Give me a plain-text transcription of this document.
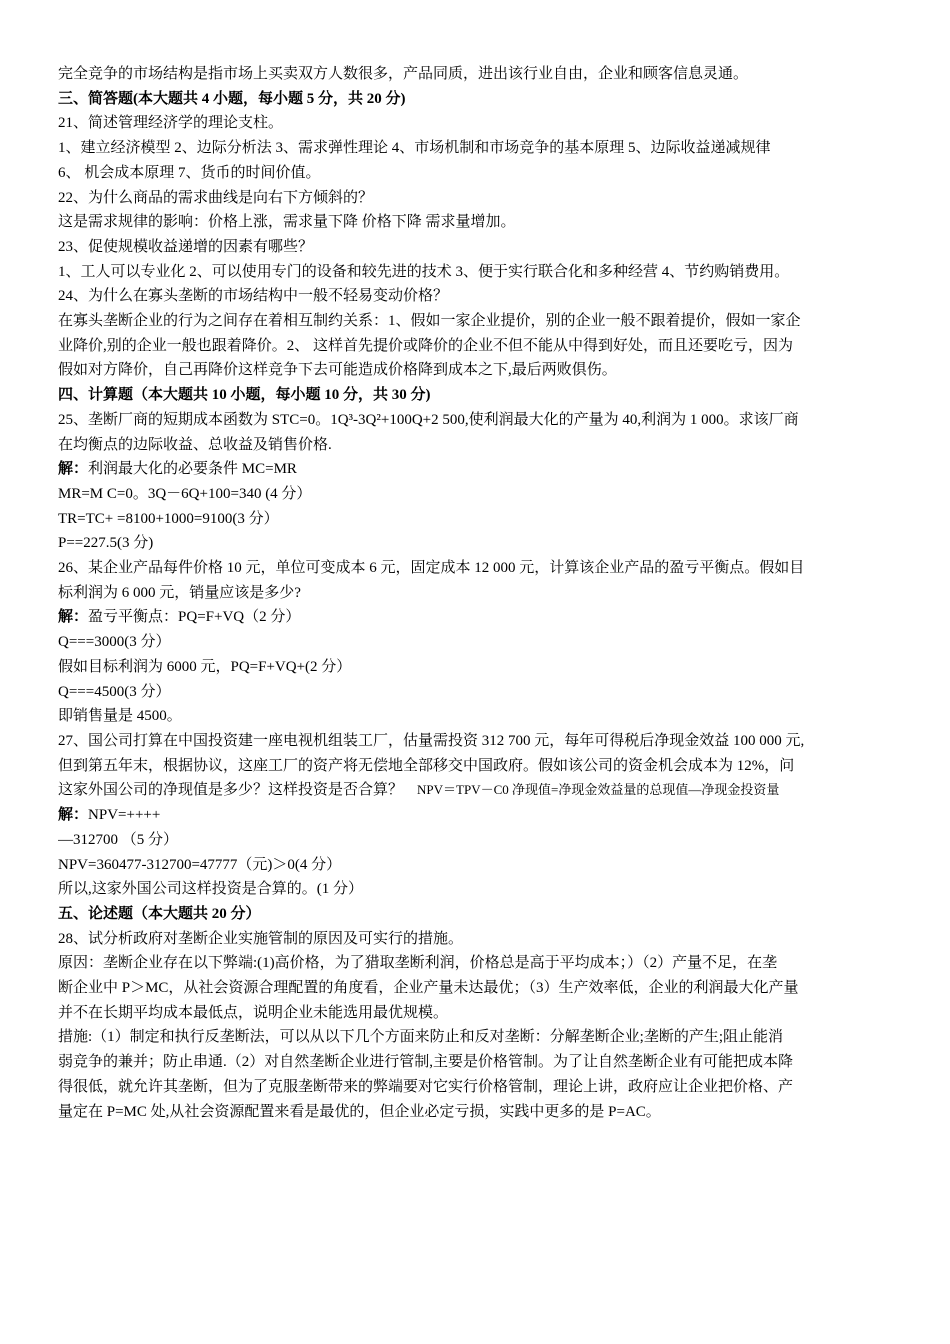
完全竞争的市场结构是指市场上买卖双方人数很多，产品同质，进出该行业自由，企业和顾客信息灵通。
三、简答题(本大题共 4 小题，每小题 5 分，共 20 分)
21、简述管理经济学的理论支柱。
1、建立经济模型 2、边际分析法 3、需求弹性理论 4、市场机制和市场竞争的基本原理 5、边际收益递减规律
6、 机会成本原理 7、货币的时间价值。
22、为什么商品的需求曲线是向右下方倾斜的？
这是需求规律的影响：价格上涨，需求量下降 价格下降 需求量增加。
23、促使规模收益递增的因素有哪些？
1、工人可以专业化 2、可以使用专门的设备和较先进的技术 3、便于实行联合化和多种经营 4、节约购销费用。
24、为什么在寡头垄断的市场结构中一般不轻易变动价格？
在寡头垄断企业的行为之间存在着相互制约关系：1、假如一家企业提价，别的企业一般不跟着提价，假如一家企
业降价,别的企业一般也跟着降价。2、 这样首先提价或降价的企业不但不能从中得到好处，而且还要吃亏，因为
假如对方降价，自己再降价这样竞争下去可能造成价格降到成本之下,最后两败俱伤。
四、计算题（本大题共 10 小题，每小题 10 分，共 30 分)
25、垄断厂商的短期成本函数为 STC=0。1Q³-3Q²+100Q+2 500,使利润最大化的产量为 40,利润为 1 000。求该厂商
在均衡点的边际收益、总收益及销售价格.
解：利润最大化的必要条件 MC=MR
MR=M C=0。3Q－6Q+100=340 (4 分）
TR=TC+ =8100+1000=9100(3 分）
P==227.5(3 分)
26、某企业产品每件价格 10 元，单位可变成本 6 元，固定成本 12 000 元，计算该企业产品的盈亏平衡点。假如目
标利润为 6 000 元，销量应该是多少?
解：盈亏平衡点：PQ=F+VQ（2 分）
Q===3000(3 分）
假如目标利润为 6000 元，PQ=F+VQ+(2 分）
Q===4500(3 分）
即销售量是 4500。
27、国公司打算在中国投资建一座电视机组装工厂，估量需投资 312 700 元，每年可得税后净现金效益 100 000 元,
但到第五年末，根据协议，这座工厂的资产将无偿地全部移交中国政府。假如该公司的资金机会成本为 12%，问
这家外国公司的净现值是多少？这样投资是否合算？ NPV＝TPV－C0 净现值=净现金效益量的总现值—净现金投资量
解：NPV=++++
—312700 （5 分）
NPV=360477-312700=47777（元)＞0(4 分）
所以,这家外国公司这样投资是合算的。(1 分）
五、论述题（本大题共 20 分）
28、试分析政府对垄断企业实施管制的原因及可实行的措施。
原因：垄断企业存在以下弊端:(1)高价格，为了猎取垄断利润，价格总是高于平均成本；）（2）产量不足，在垄
断企业中 P＞MC，从社会资源合理配置的角度看，企业产量未达最优；（3）生产效率低，企业的利润最大化产量
并不在长期平均成本最低点，说明企业未能选用最优规模。
措施:（1）制定和执行反垄断法，可以从以下几个方面来防止和反对垄断：分解垄断企业;垄断的产生;阻止能消
弱竞争的兼并；防止串通.（2）对自然垄断企业进行管制,主要是价格管制。为了让自然垄断企业有可能把成本降
得很低，就允许其垄断，但为了克服垄断带来的弊端要对它实行价格管制，理论上讲，政府应让企业把价格、产
量定在 P=MC 处,从社会资源配置来看是最优的，但企业必定亏损，实践中更多的是 P=AC。
